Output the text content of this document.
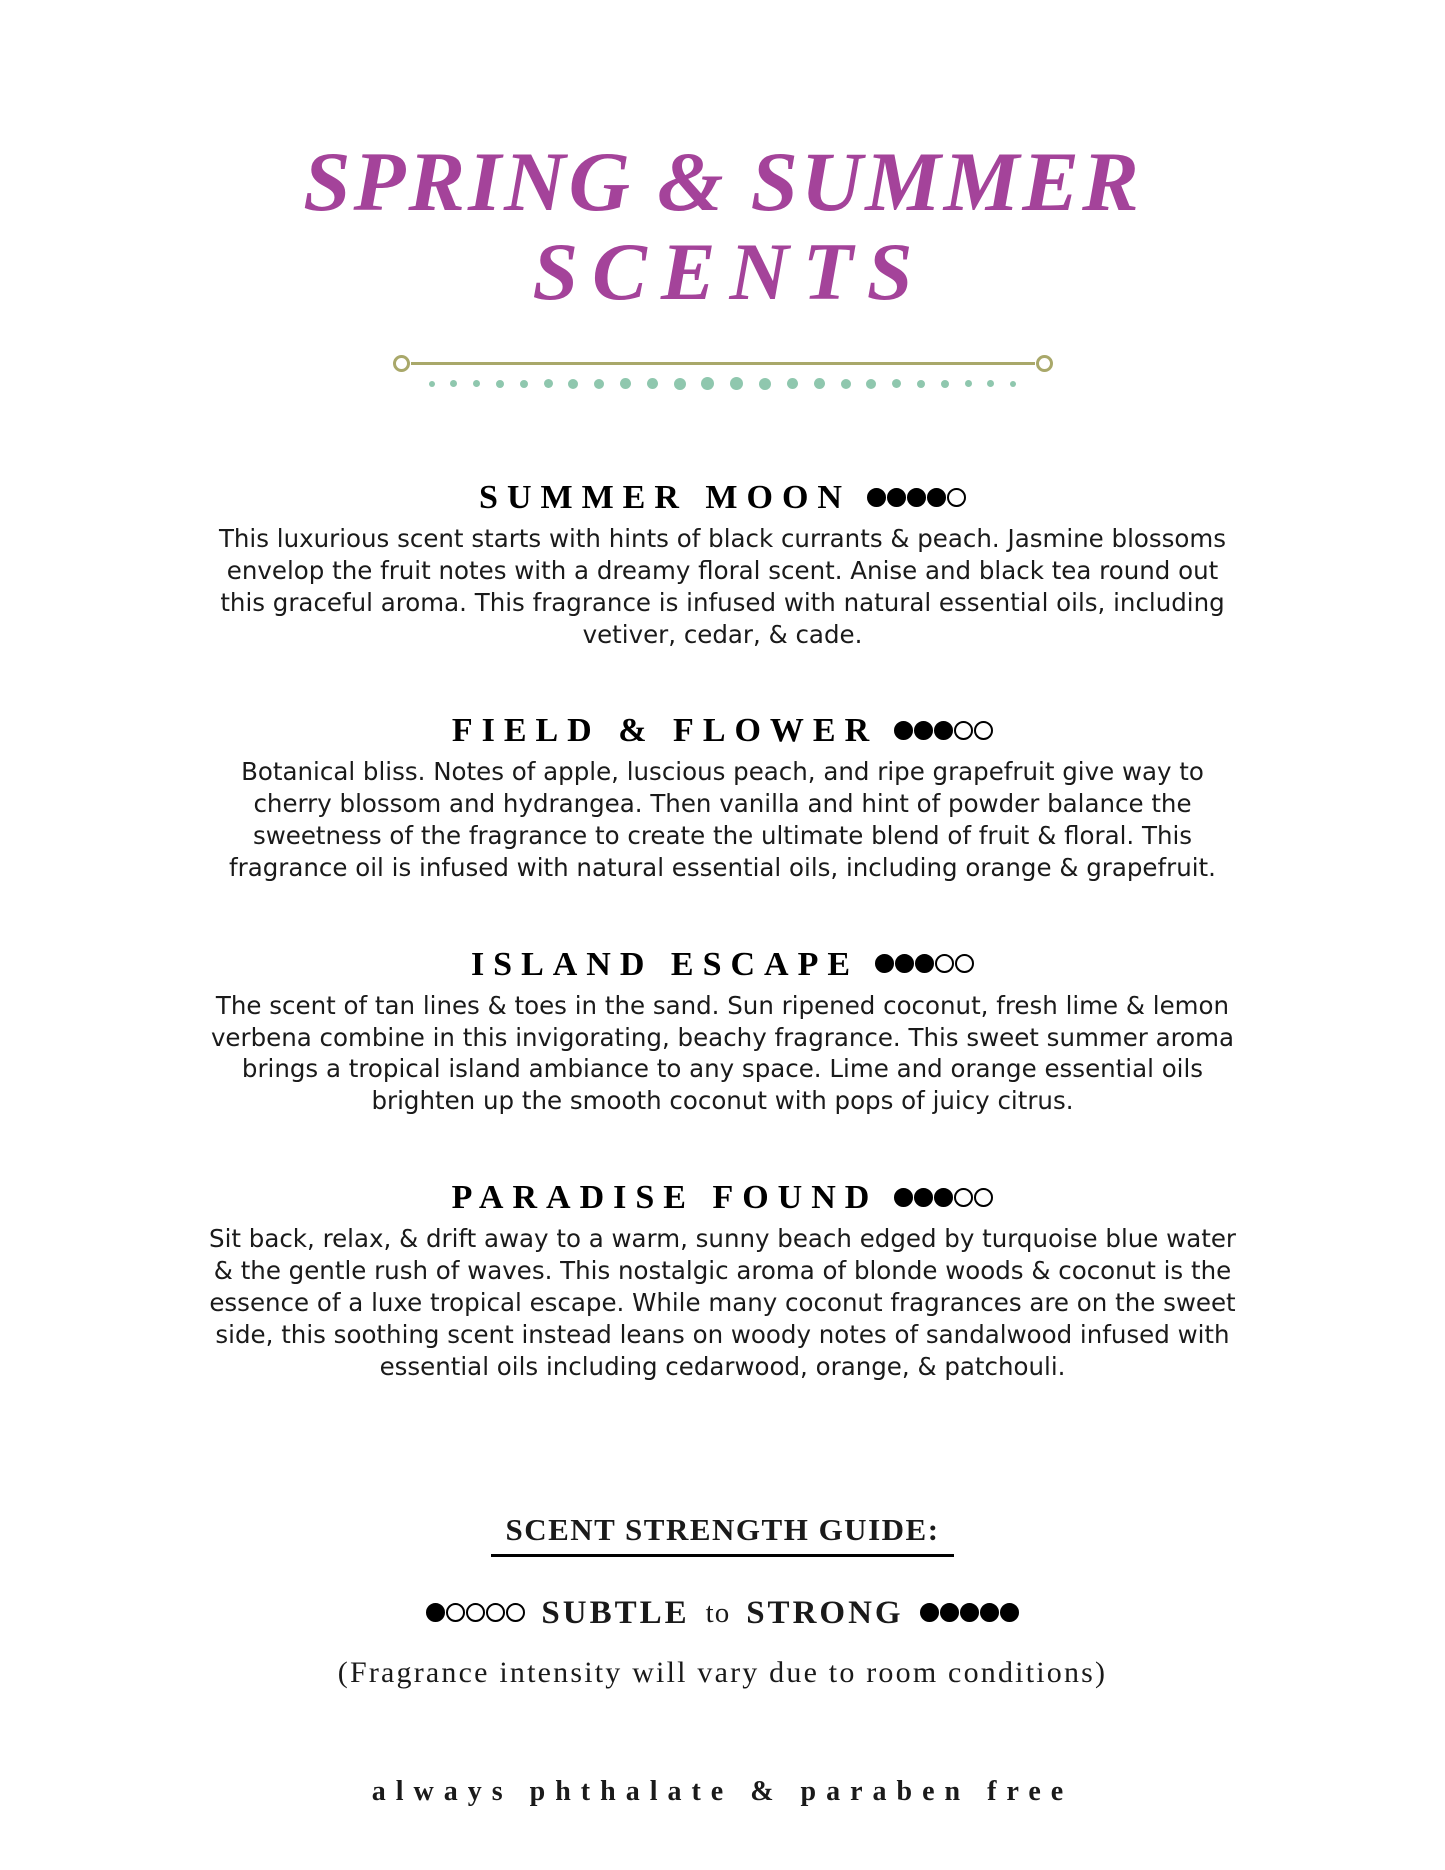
SPRING & SUMMER
SCENTS
SUMMER MOON
This luxurious scent starts with hints of black currants & peach. Jasmine blossoms envelop the fruit notes with a dreamy floral scent. Anise and black tea round out this graceful aroma. This fragrance is infused with natural essential oils, including vetiver, cedar, & cade.
FIELD & FLOWER
Botanical bliss. Notes of apple, luscious peach, and ripe grapefruit give way to cherry blossom and hydrangea. Then vanilla and hint of powder balance the sweetness of the fragrance to create the ultimate blend of fruit & floral. This fragrance oil is infused with natural essential oils, including orange & grapefruit.
ISLAND ESCAPE
The scent of tan lines & toes in the sand. Sun ripened coconut, fresh lime & lemon verbena combine in this invigorating, beachy fragrance. This sweet summer aroma brings a tropical island ambiance to any space. Lime and orange essential oils brighten up the smooth coconut with pops of juicy citrus.
PARADISE FOUND
Sit back, relax, & drift away to a warm, sunny beach edged by turquoise blue water & the gentle rush of waves. This nostalgic aroma of blonde woods & coconut is the essence of a luxe tropical escape. While many coconut fragrances are on the sweet side, this soothing scent instead leans on woody notes of sandalwood infused with essential oils including cedarwood, orange, & patchouli.
SCENT STRENGTH GUIDE:
SUBTLE to STRONG
(Fragrance intensity will vary due to room conditions)
always phthalate & paraben free
